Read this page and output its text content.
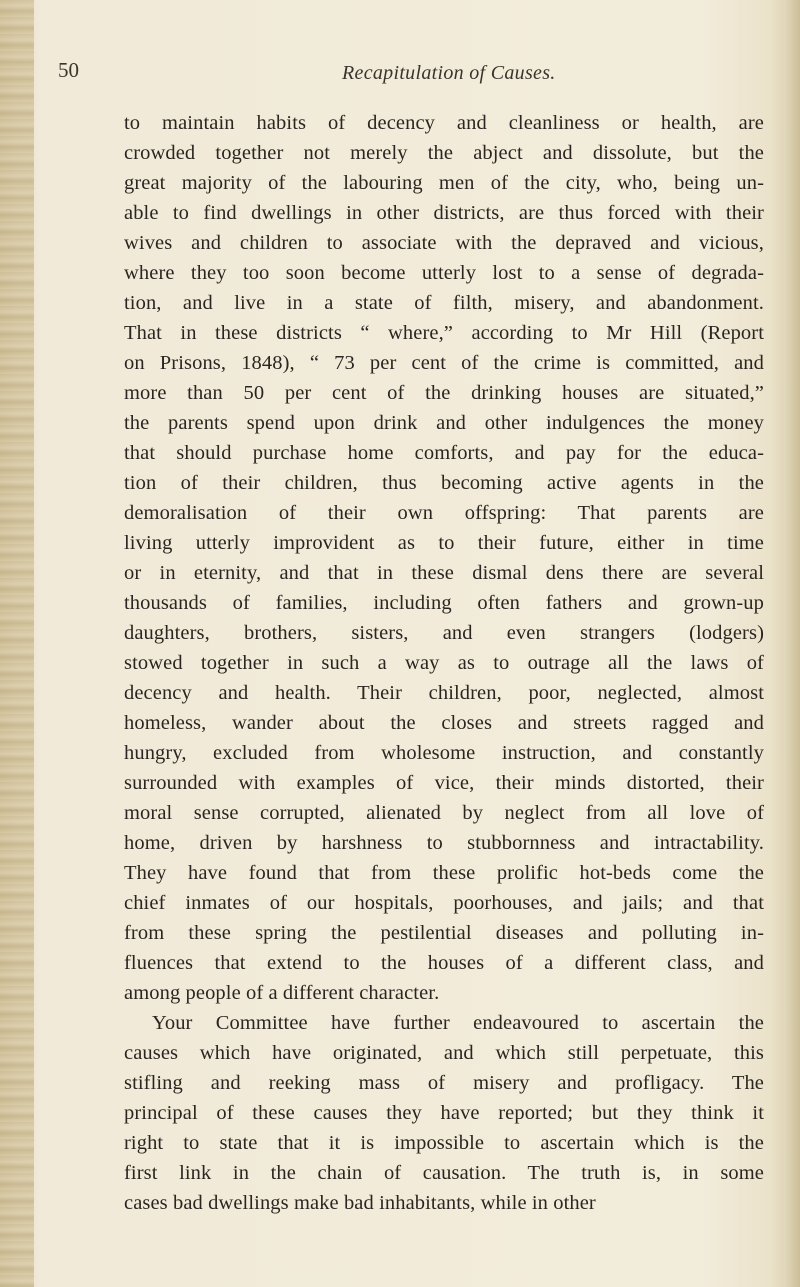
50	Recapitulation of Causes.
to maintain habits of decency and cleanliness or health, are
crowded together not merely the abject and dissolute, but the
great majority of the labouring men of the city, who, being un-
able to find dwellings in other districts, are thus forced with their
wives and children to associate with the depraved and vicious,
where they too soon become utterly lost to a sense of degrada-
tion, and live in a state of filth, misery, and abandonment.
That in these districts “ where,” according to Mr Hill (Report
on Prisons, 1848), “ 73 per cent of the crime is committed, and
more than 50 per cent of the drinking houses are situated,”
the parents spend upon drink and other indulgences the money
that should purchase home comforts, and pay for the educa-
tion of their children, thus becoming active agents in the
demoralisation of their own offspring: That parents are
living utterly improvident as to their future, either in time
or in eternity, and that in these dismal dens there are several
thousands of families, including often fathers and grown-up
daughters, brothers, sisters, and even strangers (lodgers)
stowed together in such a way as to outrage all the laws of
decency and health. Their children, poor, neglected, almost
homeless, wander about the closes and streets ragged and
hungry, excluded from wholesome instruction, and constantly
surrounded with examples of vice, their minds distorted, their
moral sense corrupted, alienated by neglect from all love of
home, driven by harshness to stubbornness and intractability.
They have found that from these prolific hot-beds come the
chief inmates of our hospitals, poorhouses, and jails; and that
from these spring the pestilential diseases and polluting in-
fluences that extend to the houses of a different class, and
among people of a different character.
Your Committee have further endeavoured to ascertain the
causes which have originated, and which still perpetuate, this
stifling and reeking mass of misery and profligacy. The
principal of these causes they have reported; but they think it
right to state that it is impossible to ascertain which is the
first link in the chain of causation. The truth is, in some
cases bad dwellings make bad inhabitants, while in other
